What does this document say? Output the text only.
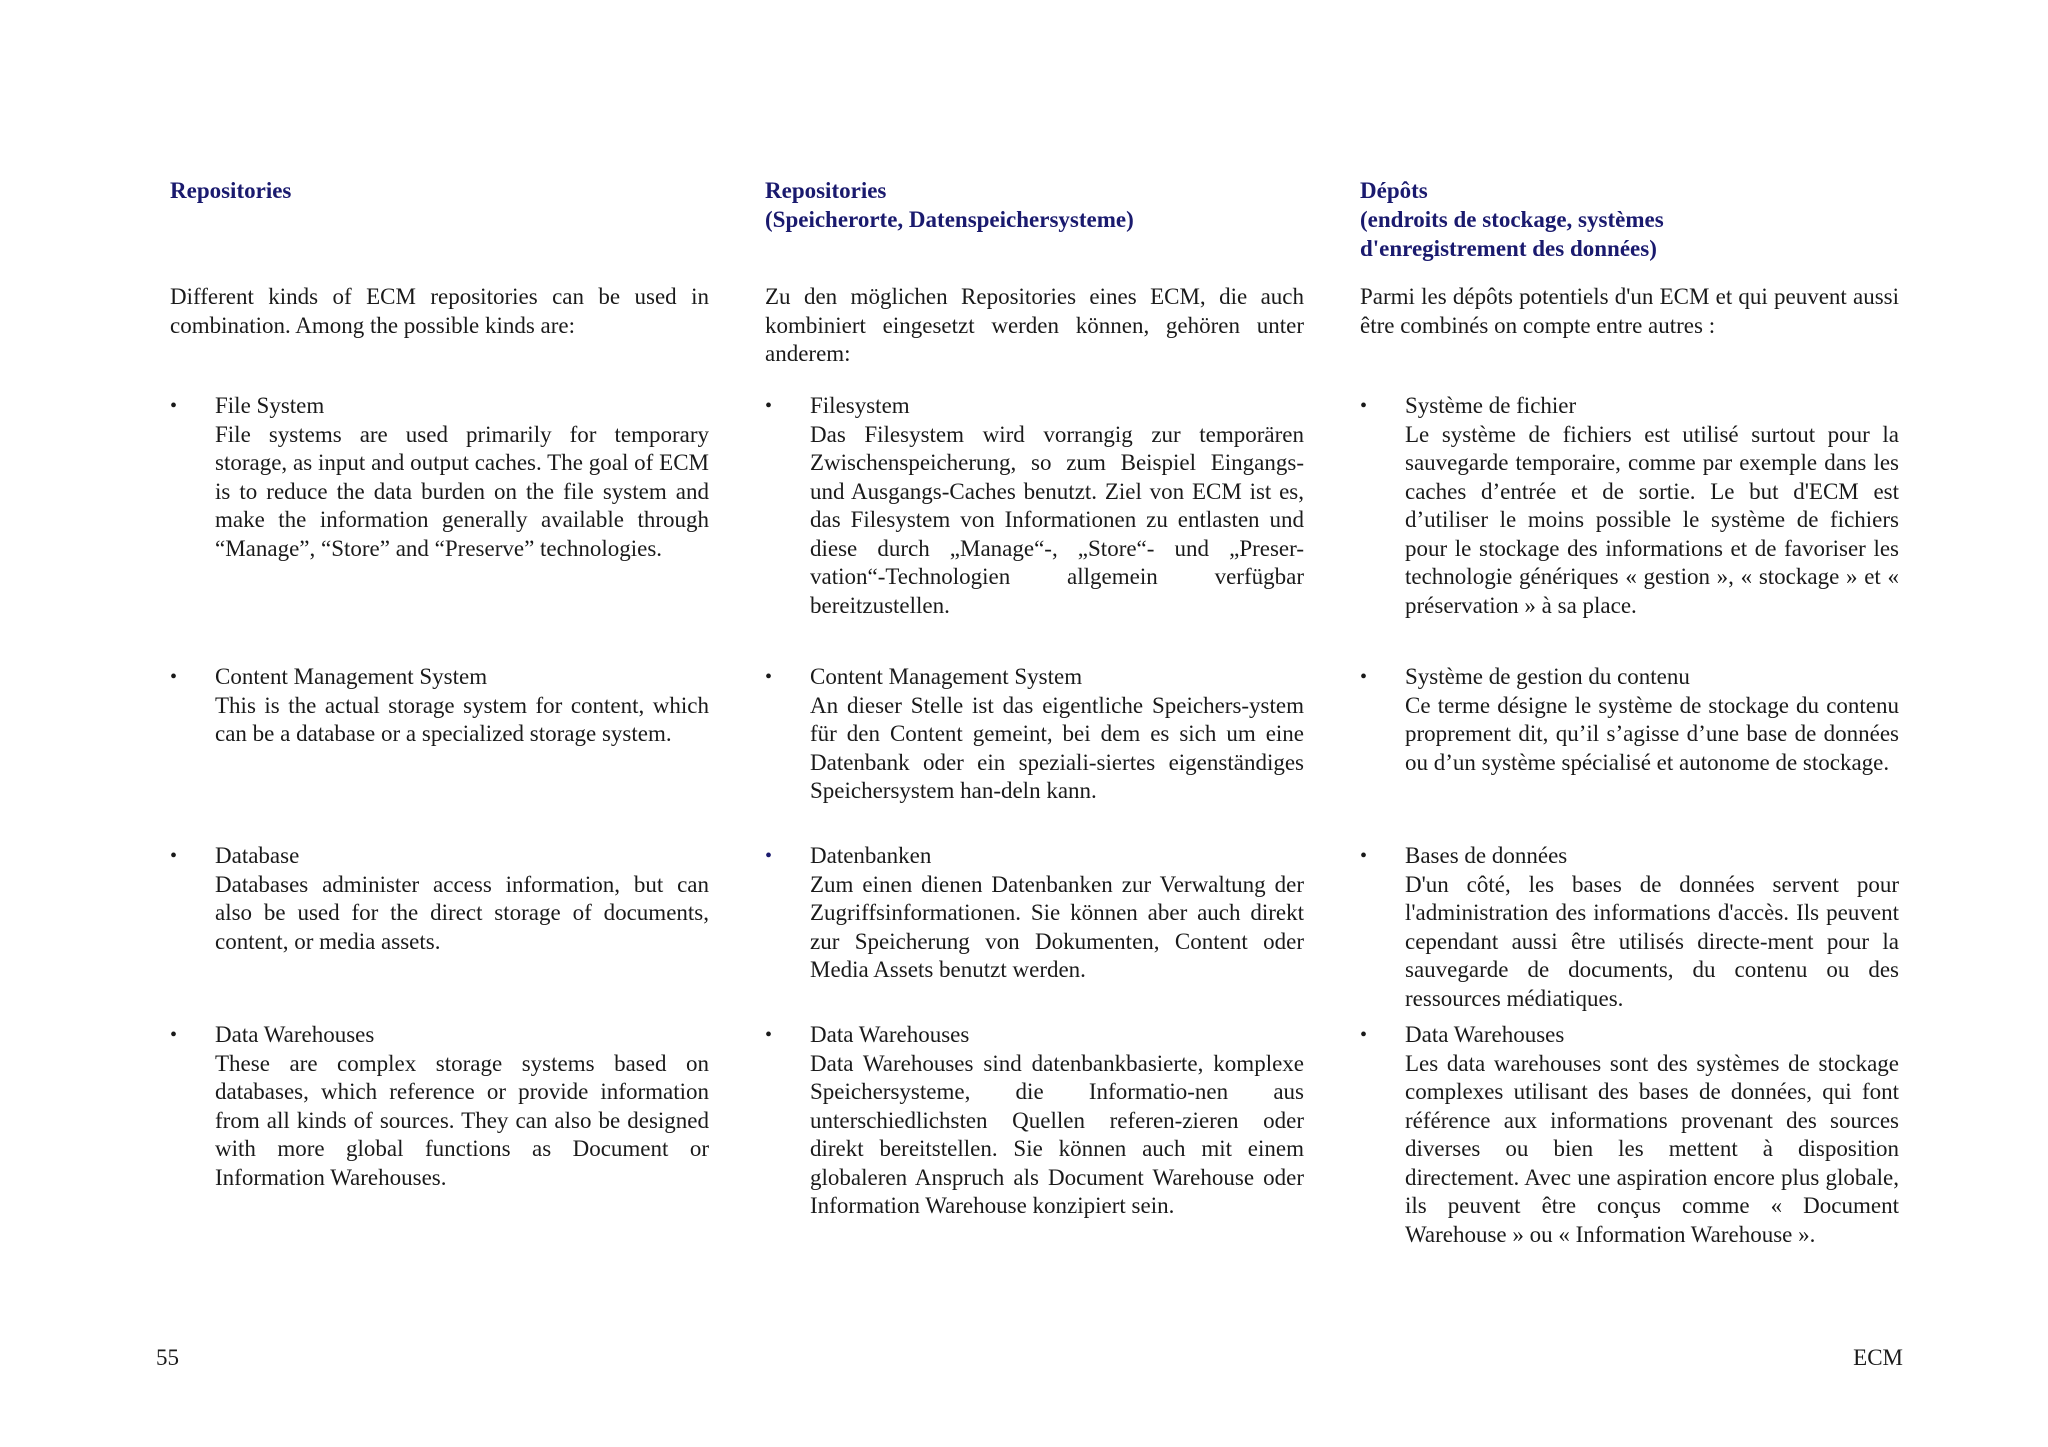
Repositories

Different kinds of ECM repositories can be used in combination. Among the possible kinds are:

•	File System
File systems are used primarily for temporary storage, as input and output caches. The goal of ECM is to reduce the data burden on the file system and make the information generally available through “Manage”, “Store” and “Preserve” technologies.
•	Content Management System
This is the actual storage system for content, which can be a database or a specialized storage system.
•	Database
Databases administer access information, but can also be used for the direct storage of documents, content, or media assets.
•	Data Warehouses
These are complex storage systems based on databases, which reference or provide information from all kinds of sources. They can also be designed with more global functions as Document or Information Warehouses.
Repositories
(Speicherorte, Datenspeichersysteme)

Zu den möglichen Repositories eines ECM, die auch kombiniert eingesetzt werden können, gehören unter anderem:

•	Filesystem
Das Filesystem wird vorrangig zur temporären Zwischenspeicherung, so zum Beispiel Eingangs- und Ausgangs-Caches benutzt. Ziel von ECM ist es, das Filesystem von Informationen zu entlasten und diese durch „Manage“-, „Store“- und „Preser-vation“-Technologien allgemein verfügbar bereitzustellen.
•	Content Management System
An dieser Stelle ist das eigentliche Speichers-ystem für den Content gemeint, bei dem es sich um eine Datenbank oder ein speziali-siertes eigenständiges Speichersystem han-deln kann.
•	Datenbanken
Zum einen dienen Datenbanken zur Verwaltung der Zugriffsinformationen. Sie können aber auch direkt zur Speicherung von Dokumenten, Content oder Media Assets benutzt werden.
•	Data Warehouses
Data Warehouses sind datenbankbasierte, komplexe Speichersysteme, die Informatio-nen aus unterschiedlichsten Quellen referen-zieren oder direkt bereitstellen. Sie können auch mit einem globaleren Anspruch als Document Warehouse oder Information Warehouse konzipiert sein.
Dépôts
(endroits de stockage, systèmes
d'enregistrement des données)

Parmi les dépôts potentiels d'un ECM et qui peuvent aussi être combinés on compte entre autres :

•	Système de fichier
Le système de fichiers est utilisé surtout pour la sauvegarde temporaire, comme par exemple dans les caches d’entrée et de sortie. Le but d'ECM est d’utiliser le moins possible le système de fichiers pour le stockage des informations et de favoriser les technologie génériques « gestion », « stockage » et « préservation » à sa place.
•	Système de gestion du contenu
Ce terme désigne le système de stockage du contenu proprement dit, qu’il s’agisse d’une base de données ou d’un système spécialisé et autonome de stockage.
•	Bases de données
D'un côté, les bases de données servent pour l'administration des informations d'accès. Ils peuvent cependant aussi être utilisés directe-ment pour la sauvegarde de documents, du contenu ou des ressources médiatiques.
•	Data Warehouses
Les data warehouses sont des systèmes de stockage complexes utilisant des bases de données, qui font référence aux informations provenant des sources diverses ou bien les mettent à disposition directement. Avec une aspiration encore plus globale, ils peuvent être conçus comme « Document Warehouse » ou « Information Warehouse ».
55	ECM
